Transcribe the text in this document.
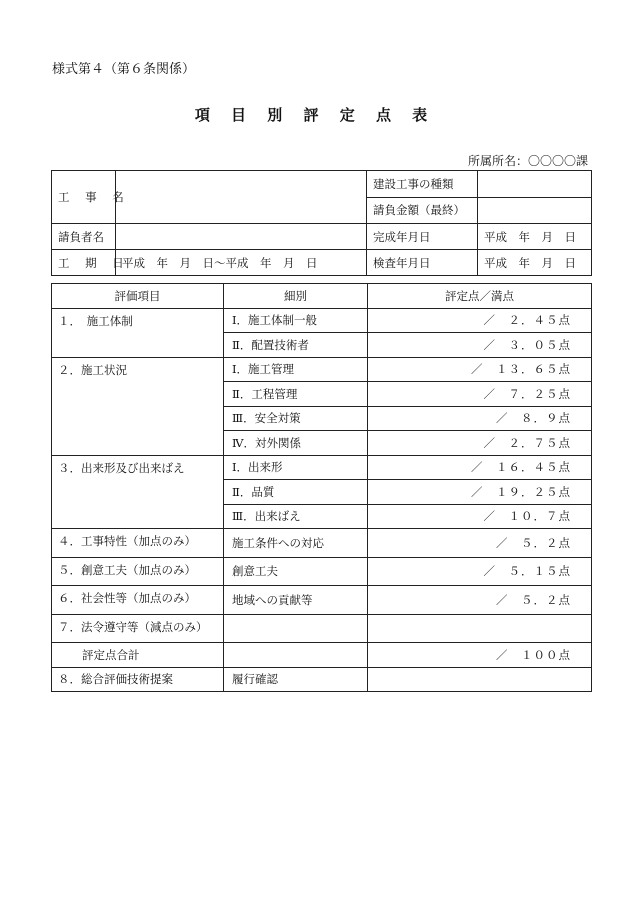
様式第４（第６条関係）
項 目 別 評 定 点 表
所属所名：〇〇〇〇課
工 事 名		建設工事の種類	
		請負金額（最終）	
請負者名		完成年月日	平成　年　月　日
工 期 日	平成　年　月　日～平成　年　月　日	検査年月日	平成　年　月　日
評価項目	細別	評定点／満点
１．　施工体制	Ⅰ．施工体制一般	／　２．４５点
	Ⅱ．配置技術者	／　３．０５点
２．施工状況	Ⅰ．施工管理	／　１３．６５点
	Ⅱ．工程管理	／　７．２５点
	Ⅲ．安全対策	／　８．９点
	Ⅳ．対外関係	／　２．７５点
３．出来形及び出来ばえ	Ⅰ．出来形	／　１６．４５点
	Ⅱ．品質	／　１９．２５点
	Ⅲ．出来ばえ	／　１０．７点
４．工事特性（加点のみ）	施工条件への対応	／　５．２点
５．創意工夫（加点のみ）	創意工夫	／　５．１５点
６．社会性等（加点のみ）	地域への貢献等	／　５．２点
７．法令遵守等（減点のみ）		
評定点合計		／　１００点
８．総合評価技術提案	履行確認	
